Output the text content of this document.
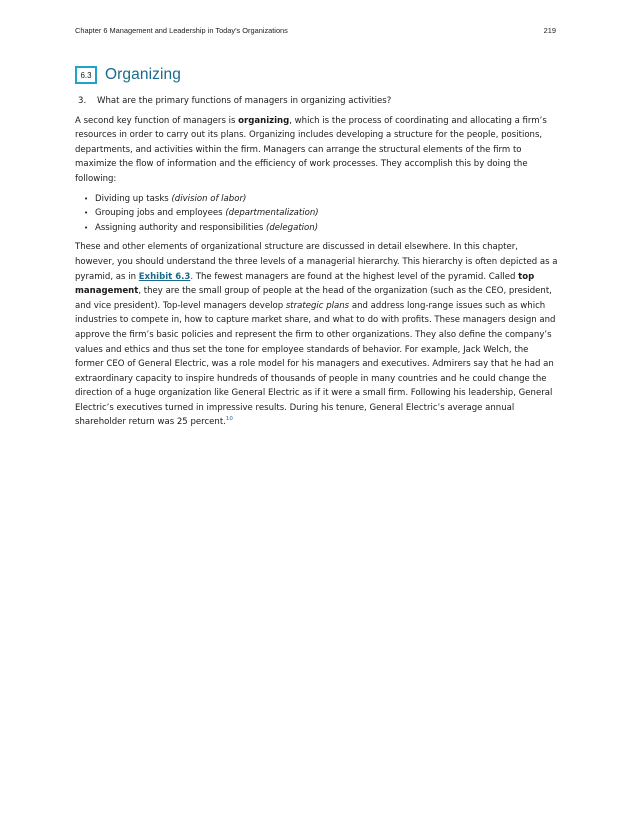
Chapter 6 Management and Leadership in Today's Organizations	219
6.3 Organizing
3.	What are the primary functions of managers in organizing activities?

A second key function of managers is organizing, which is the process of coordinating and allocating a firm’s resources in order to carry out its plans. Organizing includes developing a structure for the people, positions, departments, and activities within the firm. Managers can arrange the structural elements of the firm to maximize the flow of information and the efficiency of work processes. They accomplish this by doing the following:

• Dividing up tasks (division of labor)
• Grouping jobs and employees (departmentalization)
• Assigning authority and responsibilities (delegation)

These and other elements of organizational structure are discussed in detail elsewhere. In this chapter, however, you should understand the three levels of a managerial hierarchy. This hierarchy is often depicted as a pyramid, as in Exhibit 6.3. The fewest managers are found at the highest level of the pyramid. Called top management, they are the small group of people at the head of the organization (such as the CEO, president, and vice president). Top-level managers develop strategic plans and address long-range issues such as which industries to compete in, how to capture market share, and what to do with profits. These managers design and approve the firm’s basic policies and represent the firm to other organizations. They also define the company’s values and ethics and thus set the tone for employee standards of behavior. For example, Jack Welch, the former CEO of General Electric, was a role model for his managers and executives. Admirers say that he had an extraordinary capacity to inspire hundreds of thousands of people in many countries and he could change the direction of a huge organization like General Electric as if it were a small firm. Following his leadership, General Electric’s executives turned in impressive results. During his tenure, General Electric’s average annual shareholder return was 25 percent.$^{10}$
